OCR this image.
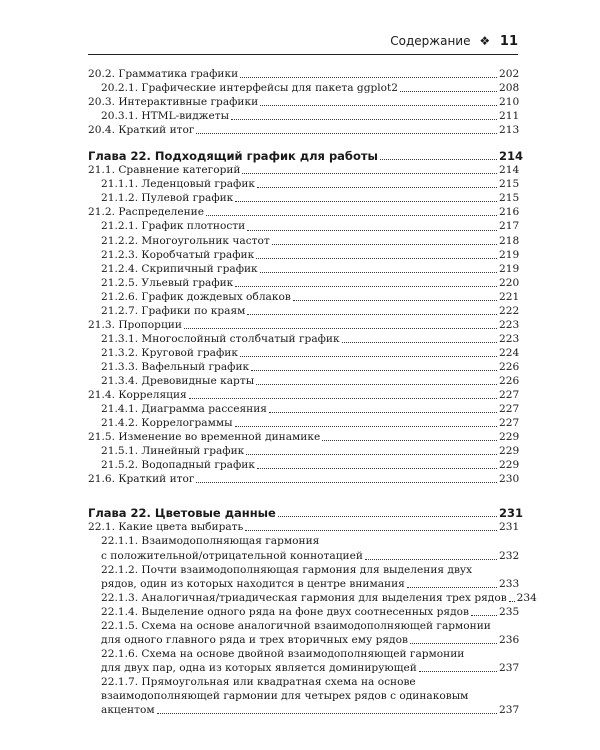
Содержание ❖ 11
20.2. Грамматика графики	202
20.2.1. Графические интерфейсы для пакета ggplot2	208
20.3. Интерактивные графики	210
20.3.1. HTML-виджеты	211
20.4. Краткий итог	213
Глава 22. Подходящий график для работы	214
21.1. Сравнение категорий	214
21.1.1. Леденцовый график	215
21.1.2. Пулевой график	215
21.2. Распределение	216
21.2.1. График плотности	217
21.2.2. Многоугольник частот	218
21.2.3. Коробчатый график	219
21.2.4. Скрипичный график	219
21.2.5. Ульевый график	220
21.2.6. График дождевых облаков	221
21.2.7. Графики по краям	222
21.3. Пропорции	223
21.3.1. Многослойный столбчатый график	223
21.3.2. Круговой график	224
21.3.3. Вафельный график	226
21.3.4. Древовидные карты	226
21.4. Корреляция	227
21.4.1. Диаграмма рассеяния	227
21.4.2. Коррелограммы	227
21.5. Изменение во временной динамике	229
21.5.1. Линейный график	229
21.5.2. Водопадный график	229
21.6. Краткий итог	230
Глава 22. Цветовые данные	231
22.1. Какие цвета выбирать	231
22.1.1. Взаимодополняющая гармония
с положительной/отрицательной коннотацией	232
22.1.2. Почти взаимодополняющая гармония для выделения двух
рядов, один из которых находится в центре внимания	233
22.1.3. Аналогичная/триадическая гармония для выделения трех рядов 234
22.1.4. Выделение одного ряда на фоне двух соотнесенных рядов	235
22.1.5. Схема на основе аналогичной взаимодополняющей гармонии
для одного главного ряда и трех вторичных ему рядов	236
22.1.6. Схема на основе двойной взаимодополняющей гармонии
для двух пар, одна из которых является доминирующей	237
22.1.7. Прямоугольная или квадратная схема на основе
взаимодополняющей гармонии для четырех рядов с одинаковым
акцентом	237
